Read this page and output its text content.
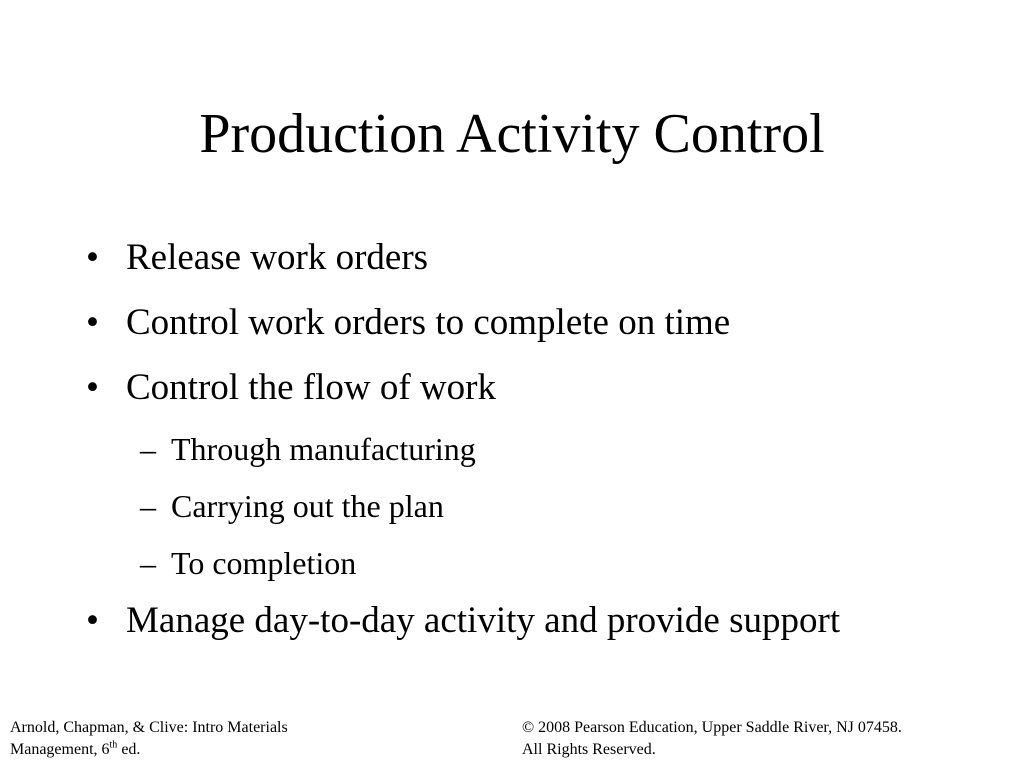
Production Activity Control
• Release work orders
• Control work orders to complete on time
• Control the flow of work
– Through manufacturing
– Carrying out the plan
– To completion
• Manage day-to-day activity and provide support
Arnold, Chapman, & Clive: Intro Materials
Management, 6th ed.
© 2008 Pearson Education, Upper Saddle River, NJ 07458.
All Rights Reserved.
